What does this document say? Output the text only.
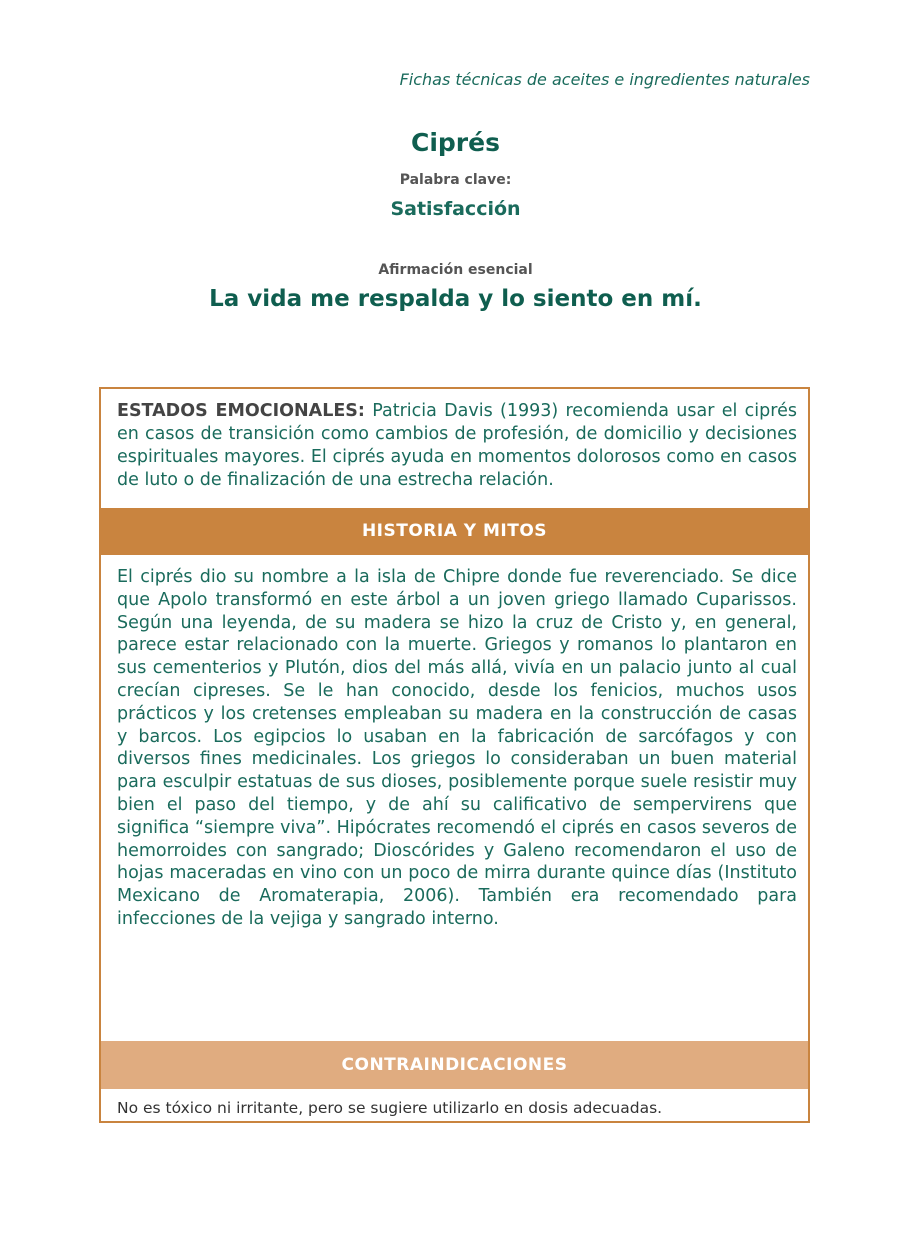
Fichas técnicas de aceites e ingredientes naturales
Ciprés
Palabra clave:
Satisfacción
Afirmación esencial
La vida me respalda y lo siento en mí.
ESTADOS EMOCIONALES: Patricia Davis (1993) recomienda usar el ciprés en casos de transición como cambios de profesión, de domicilio y decisiones espirituales mayores. El ciprés ayuda en momentos dolorosos como en casos de luto o de finalización de una estrecha relación.
HISTORIA Y MITOS
El ciprés dio su nombre a la isla de Chipre donde fue reverenciado. Se dice que Apolo transformó en este árbol a un joven griego llamado Cuparissos. Según una leyenda, de su madera se hizo la cruz de Cristo y, en general, parece estar relacionado con la muerte. Griegos y romanos lo plantaron en sus cementerios y Plutón, dios del más allá, vivía en un palacio junto al cual crecían cipreses. Se le han conocido, desde los fenicios, muchos usos prácticos y los cretenses empleaban su madera en la construcción de casas y barcos. Los egipcios lo usaban en la fabricación de sarcófagos y con diversos fines medicinales. Los griegos lo consideraban un buen material para esculpir estatuas de sus dioses, posiblemente porque suele resistir muy bien el paso del tiempo, y de ahí su calificativo de sempervirens que significa “siempre viva”. Hipócrates recomendó el ciprés en casos severos de hemorroides con sangrado; Dioscórides y Galeno recomendaron el uso de hojas maceradas en vino con un poco de mirra durante quince días (Instituto Mexicano de Aromaterapia, 2006). También era recomendado para infecciones de la vejiga y sangrado interno.
CONTRAINDICACIONES
No es tóxico ni irritante, pero se sugiere utilizarlo en dosis adecuadas.
